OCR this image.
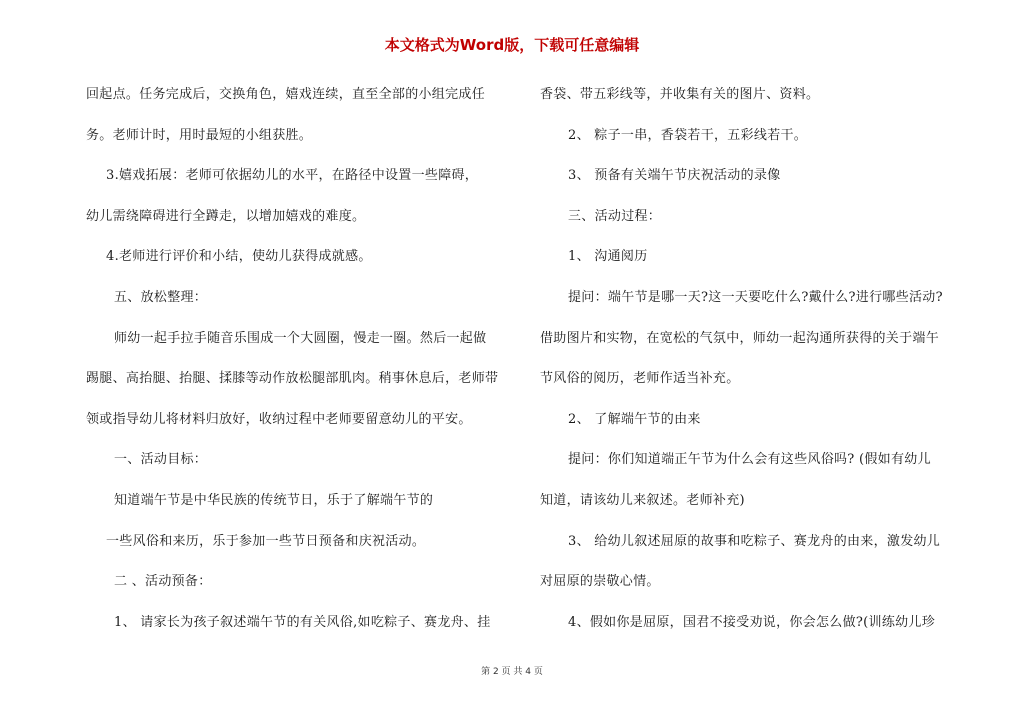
本文格式为Word版，下载可任意编辑
回起点。任务完成后，交换角色，嬉戏连续，直至全部的小组完成任
务。老师计时，用时最短的小组获胜。
3.嬉戏拓展：老师可依据幼儿的水平，在路径中设置一些障碍，
幼儿需绕障碍进行全蹲走，以增加嬉戏的难度。
4.老师进行评价和小结，使幼儿获得成就感。
五、放松整理：
师幼一起手拉手随音乐围成一个大圆圈，慢走一圈。然后一起做
踢腿、高抬腿、抬腿、揉膝等动作放松腿部肌肉。稍事休息后，老师带
领或指导幼儿将材料归放好，收纳过程中老师要留意幼儿的平安。
一、活动目标：
知道端午节是中华民族的传统节日，乐于了解端午节的
一些风俗和来历，乐于参加一些节日预备和庆祝活动。
二 、活动预备：
1、 请家长为孩子叙述端午节的有关风俗,如吃粽子、赛龙舟、挂
香袋、带五彩线等，并收集有关的图片、资料。
2、 粽子一串，香袋若干，五彩线若干。
3、 预备有关端午节庆祝活动的录像
三、活动过程：
1、 沟通阅历
提问：端午节是哪一天?这一天要吃什么?戴什么?进行哪些活动?
借助图片和实物，在宽松的气氛中，师幼一起沟通所获得的关于端午
节风俗的阅历，老师作适当补充。
2、 了解端午节的由来
提问：你们知道端正午节为什么会有这些风俗吗? (假如有幼儿
知道，请该幼儿来叙述。老师补充)
3、 给幼儿叙述屈原的故事和吃粽子、赛龙舟的由来，激发幼儿
对屈原的崇敬心情。
4、假如你是屈原，国君不接受劝说，你会怎么做?(训练幼儿珍
第 2 页 共 4 页
